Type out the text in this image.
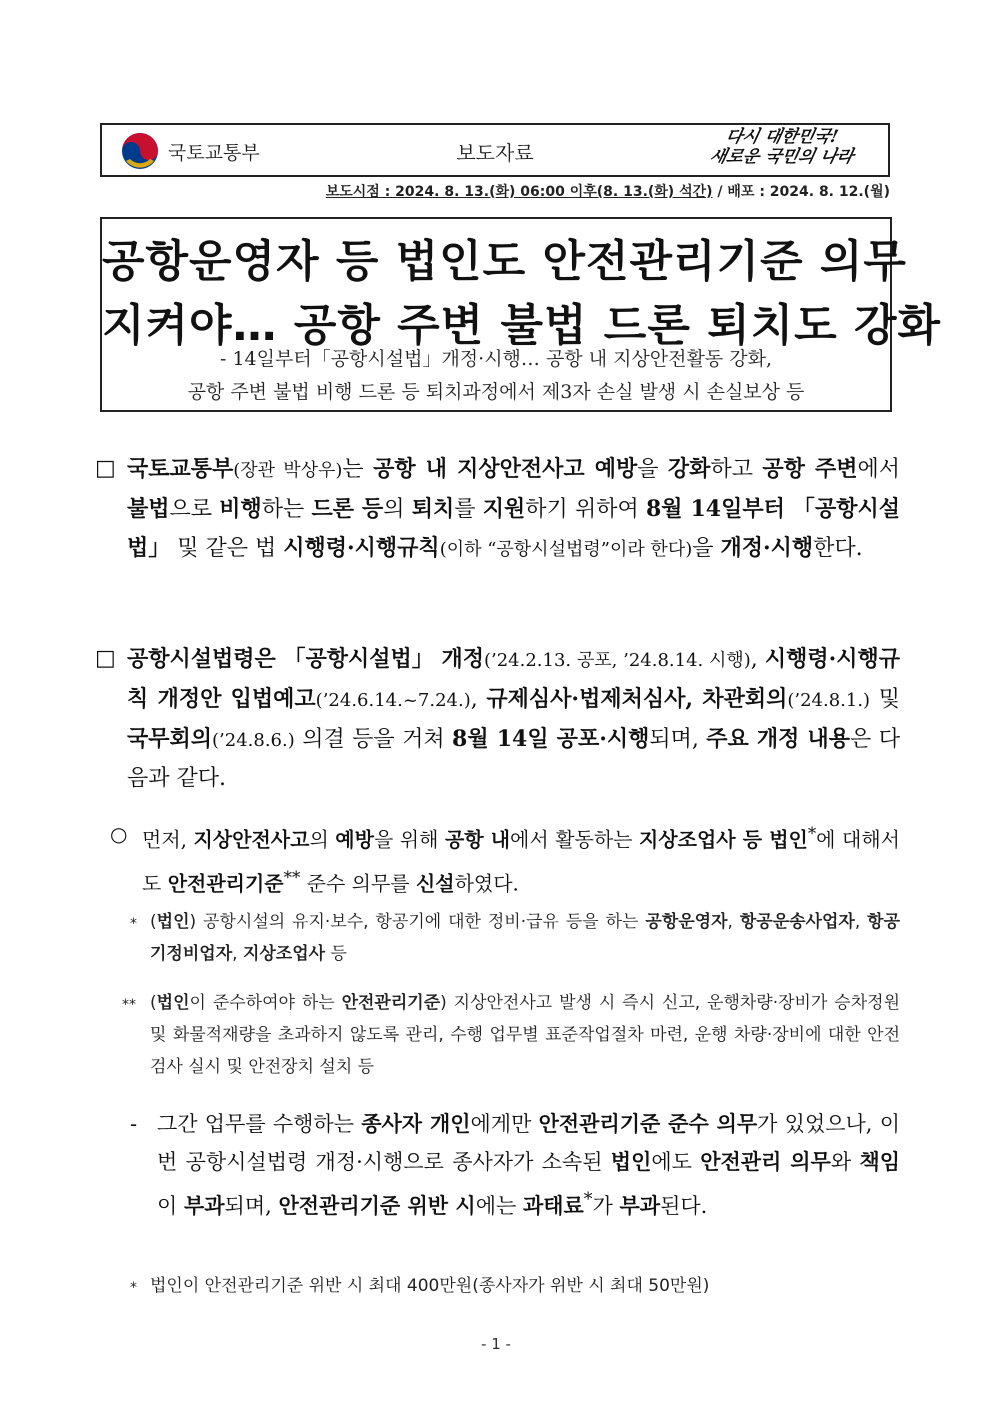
국토교통부	보도자료
다시 대한민국!
새로운 국민의 나라
보도시점 : 2024. 8. 13.(화) 06:00 이후(8. 13.(화) 석간) / 배포 : 2024. 8. 12.(월)
공항운영자 등 법인도 안전관리기준 의무
지켜야… 공항 주변 불법 드론 퇴치도 강화
- 14일부터「공항시설법」개정·시행… 공항 내 지상안전활동 강화,
공항 주변 불법 비행 드론 등 퇴치과정에서 제3자 손실 발생 시 손실보상 등
□ 국토교통부(장관 박상우)는 공항 내 지상안전사고 예방을 강화하고 공항 주변에서 불법으로 비행하는 드론 등의 퇴치를 지원하기 위하여 8월 14일부터 「공항시설법」 및 같은 법 시행령·시행규칙(이하 “공항시설법령”이라 한다)을 개정·시행한다.
□ 공항시설법령은 「공항시설법」 개정(’24.2.13. 공포, ’24.8.14. 시행), 시행령·시행규칙 개정안 입법예고(’24.6.14.~7.24.), 규제심사·법제처심사, 차관회의(’24.8.1.) 및 국무회의(’24.8.6.) 의결 등을 거쳐 8월 14일 공포·시행되며, 주요 개정 내용은 다음과 같다.
○ 먼저, 지상안전사고의 예방을 위해 공항 내에서 활동하는 지상조업사 등 법인*에 대해서도 안전관리기준** 준수 의무를 신설하였다.
* (법인) 공항시설의 유지·보수, 항공기에 대한 정비·급유 등을 하는 공항운영자, 항공운송사업자, 항공기정비업자, 지상조업사 등
** (법인이 준수하여야 하는 안전관리기준) 지상안전사고 발생 시 즉시 신고, 운행차량·장비가 승차정원 및 화물적재량을 초과하지 않도록 관리, 수행 업무별 표준작업절차 마련, 운행 차량·장비에 대한 안전검사 실시 및 안전장치 설치 등
- 그간 업무를 수행하는 종사자 개인에게만 안전관리기준 준수 의무가 있었으나, 이번 공항시설법령 개정·시행으로 종사자가 소속된 법인에도 안전관리 의무와 책임이 부과되며, 안전관리기준 위반 시에는 과태료*가 부과된다.
* 법인이 안전관리기준 위반 시 최대 400만원(종사자가 위반 시 최대 50만원)
- 1 -
